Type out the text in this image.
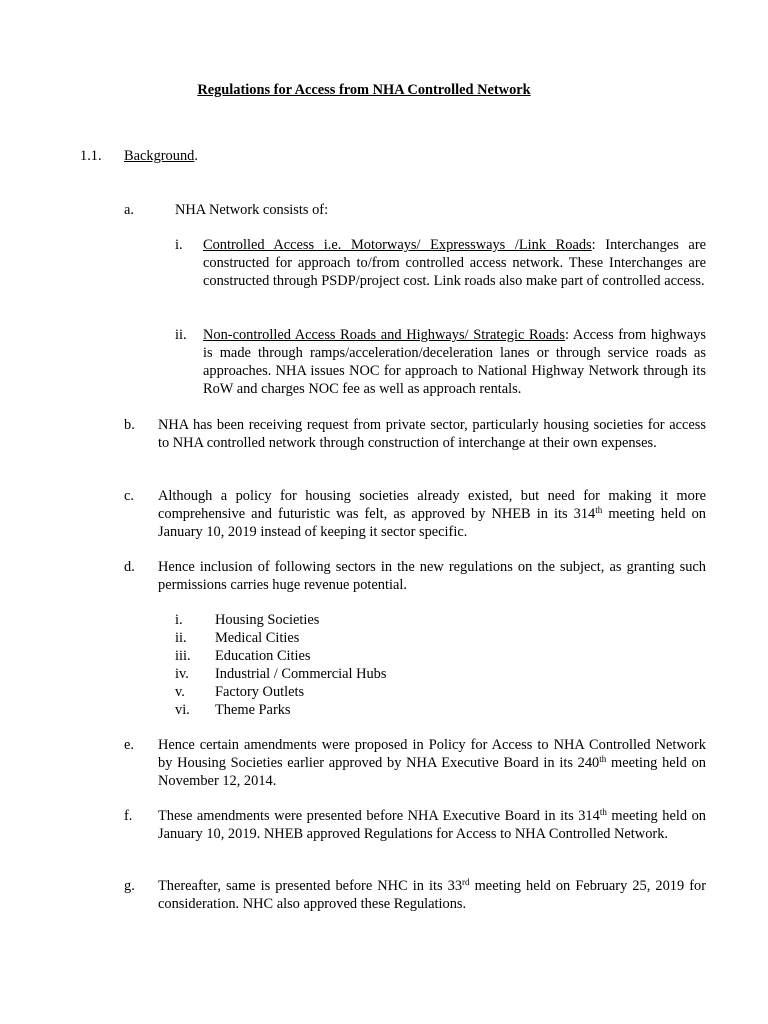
Regulations for Access from NHA Controlled Network
1.1. Background.
a.	NHA Network consists of:
i. Controlled Access i.e. Motorways/ Expressways /Link Roads: Interchanges are constructed for approach to/from controlled access network. These Interchanges are constructed through PSDP/project cost. Link roads also make part of controlled access.
ii. Non-controlled Access Roads and Highways/ Strategic Roads: Access from highways is made through ramps/acceleration/deceleration lanes or through service roads as approaches. NHA issues NOC for approach to National Highway Network through its RoW and charges NOC fee as well as approach rentals.
b. NHA has been receiving request from private sector, particularly housing societies for access to NHA controlled network through construction of interchange at their own expenses.
c. Although a policy for housing societies already existed, but need for making it more comprehensive and futuristic was felt, as approved by NHEB in its 314th meeting held on January 10, 2019 instead of keeping it sector specific.
d. Hence inclusion of following sectors in the new regulations on the subject, as granting such permissions carries huge revenue potential.
i. Housing Societies
ii. Medical Cities
iii. Education Cities
iv. Industrial / Commercial Hubs
v. Factory Outlets
vi. Theme Parks
e. Hence certain amendments were proposed in Policy for Access to NHA Controlled Network by Housing Societies earlier approved by NHA Executive Board in its 240th meeting held on November 12, 2014.
f. These amendments were presented before NHA Executive Board in its 314th meeting held on January 10, 2019. NHEB approved Regulations for Access to NHA Controlled Network.
g. Thereafter, same is presented before NHC in its 33rd meeting held on February 25, 2019 for consideration. NHC also approved these Regulations.
